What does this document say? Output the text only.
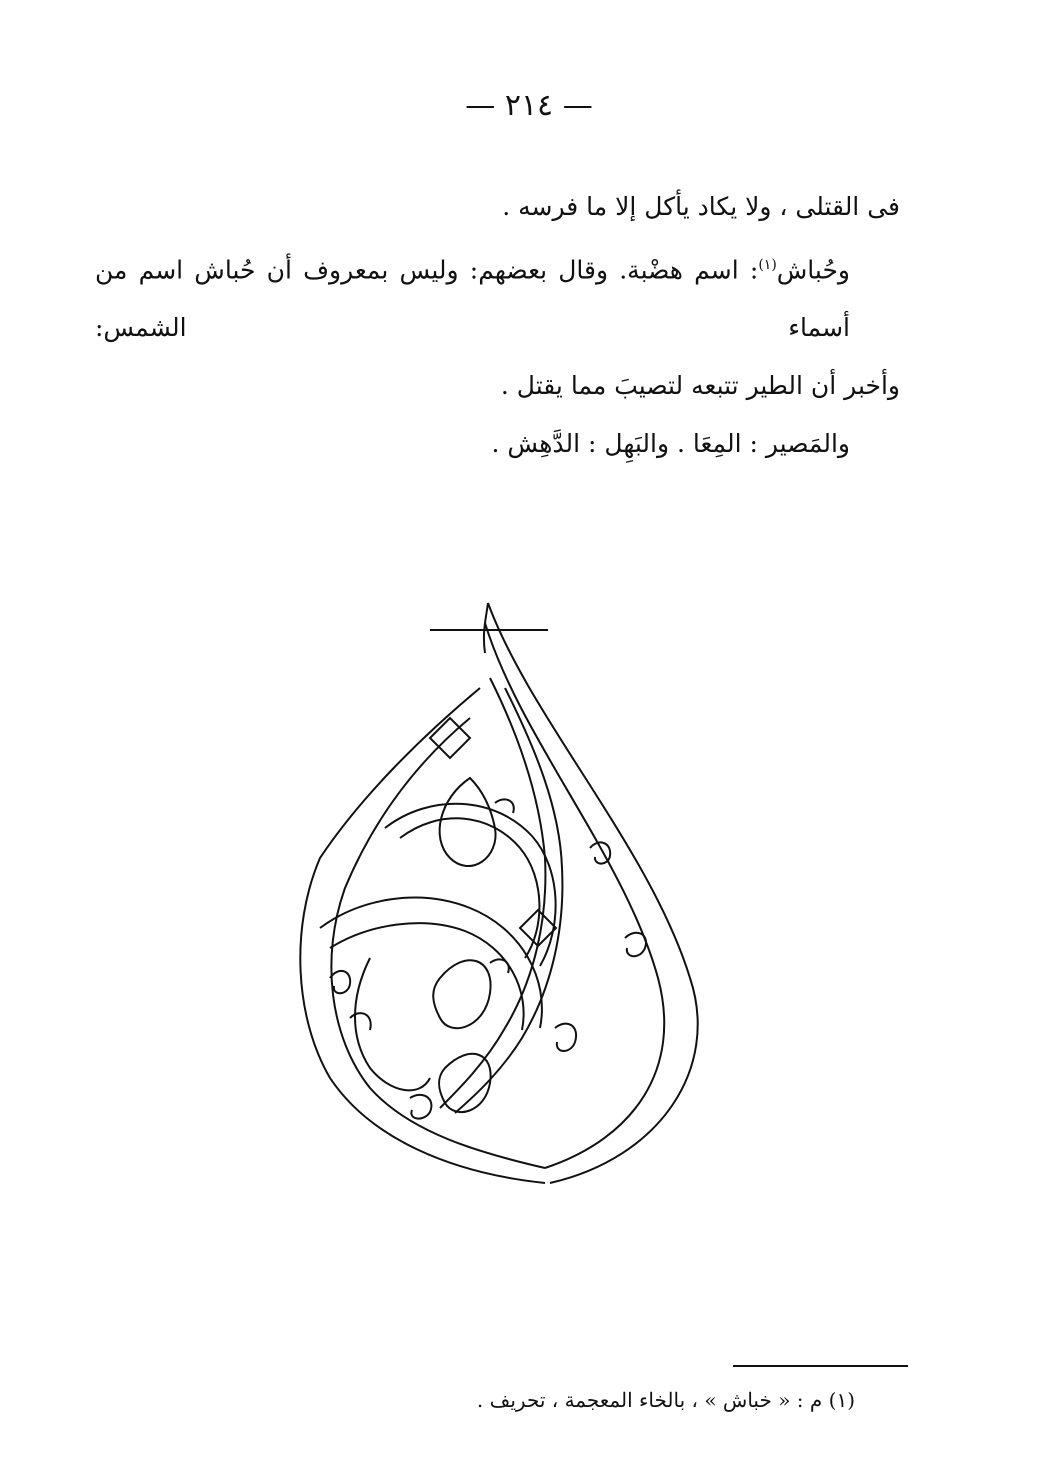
— ٢١٤ —

فى القتلى ، ولا يكاد يأكل إلا ما فرسه .

وحُباش$^{(١)}$: اسم هضْبة. وقال بعضهم: وليس بمعروف أن حُباش اسم من أسماء الشمس:

وأخبر أن الطير تتبعه لتصيبَ مما يقتل .

والمَصير : المِعَا . والبَهِل : الدَّهِش .

(١) م : « خباش » ، بالخاء المعجمة ، تحريف .
